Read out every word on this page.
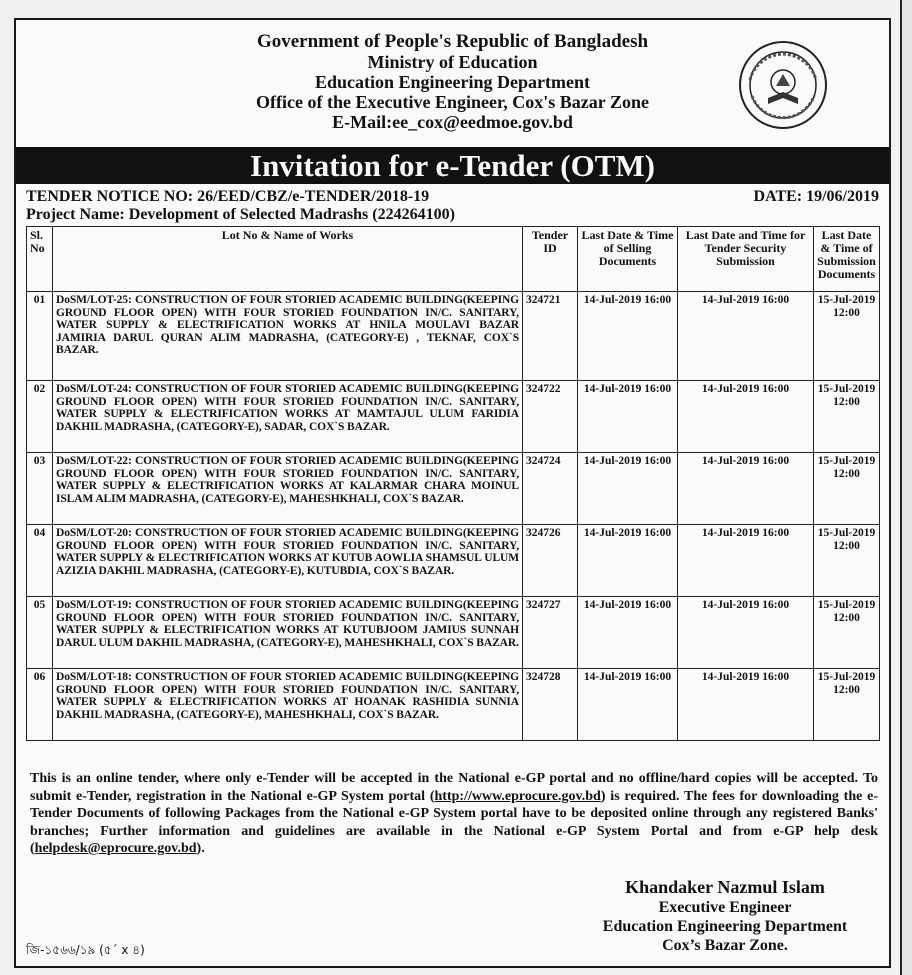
Government of People's Republic of Bangladesh
Ministry of Education
Education Engineering Department
Office of the Executive Engineer, Cox's Bazar Zone
E-Mail:ee_cox@eedmoe.gov.bd
Invitation for e-Tender (OTM)
TENDER NOTICE NO: 26/EED/CBZ/e-TENDER/2018-19	DATE: 19/06/2019
Project Name: Development of Selected Madrashs (224264100)
Sl. No	Lot No & Name of Works	Tender ID	Last Date & Time of Selling Documents	Last Date and Time for Tender Security Submission	Last Date & Time of Submission Documents
01	DoSM/LOT-25: CONSTRUCTION OF FOUR STORIED ACADEMIC BUILDING(KEEPING GROUND FLOOR OPEN) WITH FOUR STORIED FOUNDATION IN/C. SANITARY, WATER SUPPLY & ELECTRIFICATION WORKS AT HNILA MOULAVI BAZAR JAMIRIA DARUL QURAN ALIM MADRASHA, (CATEGORY-E) , TEKNAF, COX`S BAZAR.	324721	14-Jul-2019 16:00	14-Jul-2019 16:00	15-Jul-2019 12:00
02	DoSM/LOT-24: CONSTRUCTION OF FOUR STORIED ACADEMIC BUILDING(KEEPING GROUND FLOOR OPEN) WITH FOUR STORIED FOUNDATION IN/C. SANITARY, WATER SUPPLY & ELECTRIFICATION WORKS AT MAMTAJUL ULUM FARIDIA DAKHIL MADRASHA, (CATEGORY-E), SADAR, COX`S BAZAR.	324722	14-Jul-2019 16:00	14-Jul-2019 16:00	15-Jul-2019 12:00
03	DoSM/LOT-22: CONSTRUCTION OF FOUR STORIED ACADEMIC BUILDING(KEEPING GROUND FLOOR OPEN) WITH FOUR STORIED FOUNDATION IN/C. SANITARY, WATER SUPPLY & ELECTRIFICATION WORKS AT KALARMAR CHARA MOINUL ISLAM ALIM MADRASHA, (CATEGORY-E), MAHESHKHALI, COX`S BAZAR.	324724	14-Jul-2019 16:00	14-Jul-2019 16:00	15-Jul-2019 12:00
04	DoSM/LOT-20: CONSTRUCTION OF FOUR STORIED ACADEMIC BUILDING(KEEPING GROUND FLOOR OPEN) WITH FOUR STORIED FOUNDATION IN/C. SANITARY, WATER SUPPLY & ELECTRIFICATION WORKS AT KUTUB AOWLIA SHAMSUL ULUM AZIZIA DAKHIL MADRASHA, (CATEGORY-E), KUTUBDIA, COX`S BAZAR.	324726	14-Jul-2019 16:00	14-Jul-2019 16:00	15-Jul-2019 12:00
05	DoSM/LOT-19: CONSTRUCTION OF FOUR STORIED ACADEMIC BUILDING(KEEPING GROUND FLOOR OPEN) WITH FOUR STORIED FOUNDATION IN/C. SANITARY, WATER SUPPLY & ELECTRIFICATION WORKS AT KUTUBJOOM JAMIUS SUNNAH DARUL ULUM DAKHIL MADRASHA, (CATEGORY-E), MAHESHKHALI, COX`S BAZAR.	324727	14-Jul-2019 16:00	14-Jul-2019 16:00	15-Jul-2019 12:00
06	DoSM/LOT-18: CONSTRUCTION OF FOUR STORIED ACADEMIC BUILDING(KEEPING GROUND FLOOR OPEN) WITH FOUR STORIED FOUNDATION IN/C. SANITARY, WATER SUPPLY & ELECTRIFICATION WORKS AT HOANAK RASHIDIA SUNNIA DAKHIL MADRASHA, (CATEGORY-E), MAHESHKHALI, COX`S BAZAR.	324728	14-Jul-2019 16:00	14-Jul-2019 16:00	15-Jul-2019 12:00
This is an online tender, where only e-Tender will be accepted in the National e-GP portal and no offline/hard copies will be accepted. To submit e-Tender, registration in the National e-GP System portal (http://www.eprocure.gov.bd) is required. The fees for downloading the e-Tender Documents of following Packages from the National e-GP System portal have to be deposited online through any registered Banks' branches; Further information and guidelines are available in the National e-GP System Portal and from e-GP help desk (helpdesk@eprocure.gov.bd).
Khandaker Nazmul Islam
Executive Engineer
Education Engineering Department
Cox’s Bazar Zone.
জি-১৫৬৬/১৯ (৫´ x ৪)
